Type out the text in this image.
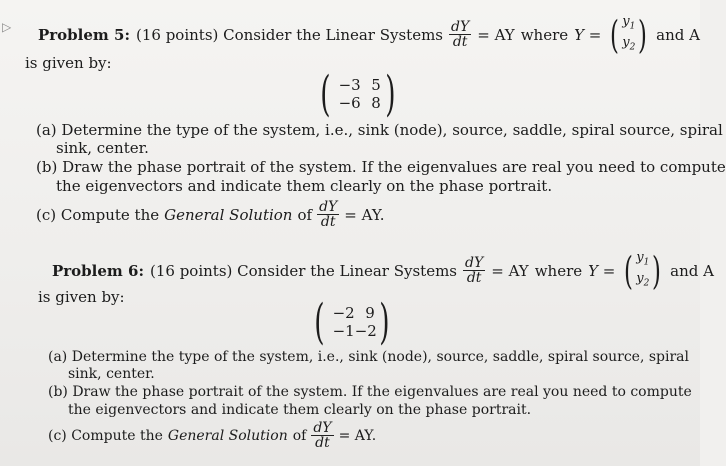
▷ Problem 5: (16 points) Consider the Linear Systems $\frac{dY}{dt}$ = AY where Y = ( $y_1$
$y_2$ ) and A
is given by:
( −3 5
−6 8 )
(a) Determine the type of the system, i.e., sink (node), source, saddle, spiral source, spiral
sink, center.
(b) Draw the phase portrait of the system. If the eigenvalues are real you need to compute
the eigenvectors and indicate them clearly on the phase portrait.
(c) Compute the General Solution of $\frac{dY}{dt}$ = AY.
Problem 6: (16 points) Consider the Linear Systems $\frac{dY}{dt}$ = AY where Y = ( $y_1$
$y_2$ ) and A
is given by:	( −2 9
−1 −2 )
(a) Determine the type of the system, i.e., sink (node), source, saddle, spiral source, spiral
sink, center.
(b) Draw the phase portrait of the system. If the eigenvalues are real you need to compute
the eigenvectors and indicate them clearly on the phase portrait.
(c) Compute the General Solution of $\frac{dY}{dt}$ = AY.
